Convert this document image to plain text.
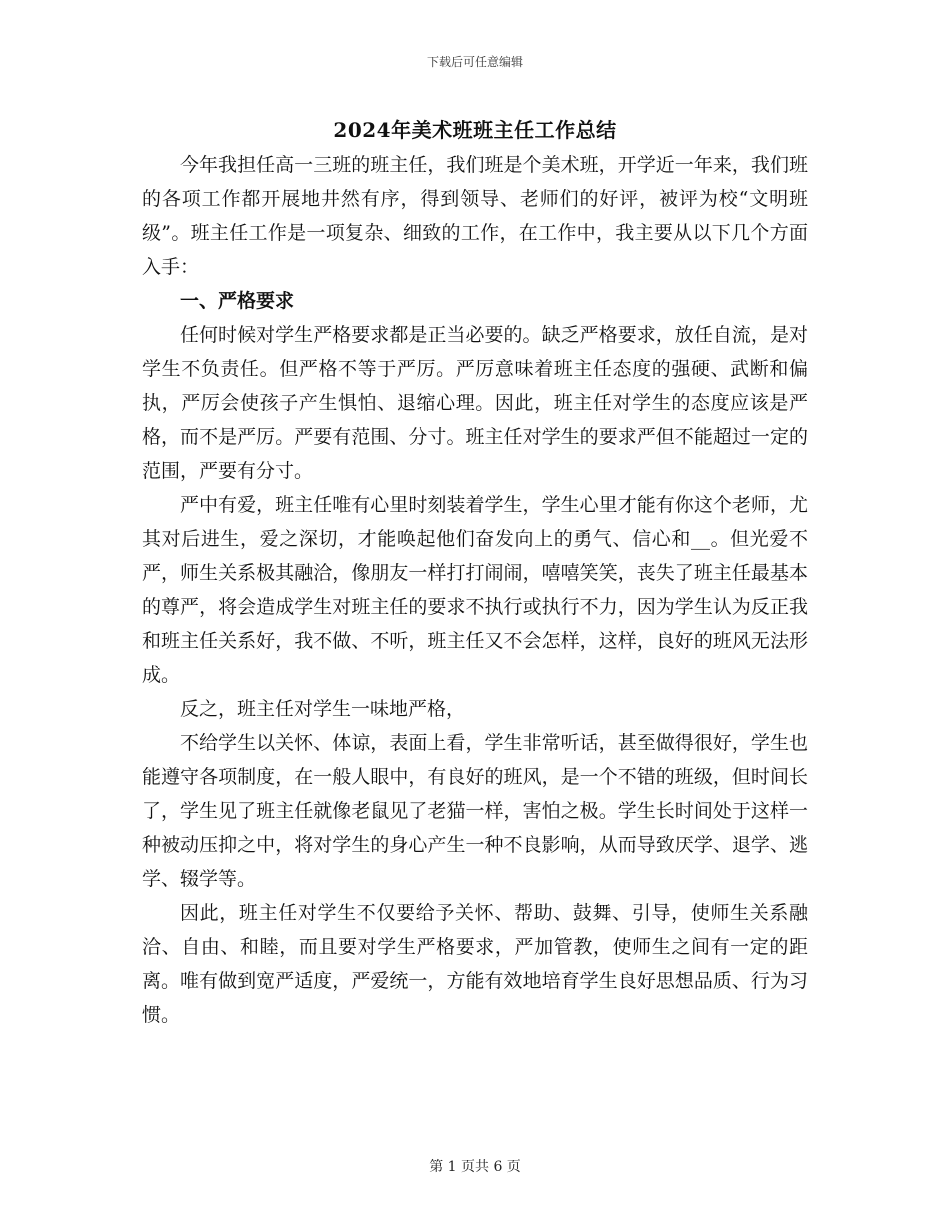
下载后可任意编辑
2024年美术班班主任工作总结

今年我担任高一三班的班主任，我们班是个美术班，开学近一年来，我们班的各项工作都开展地井然有序，得到领导、老师们的好评，被评为校“文明班级”。班主任工作是一项复杂、细致的工作，在工作中，我主要从以下几个方面入手：

一、严格要求

任何时候对学生严格要求都是正当必要的。缺乏严格要求，放任自流，是对学生不负责任。但严格不等于严厉。严厉意味着班主任态度的强硬、武断和偏执，严厉会使孩子产生惧怕、退缩心理。因此，班主任对学生的态度应该是严格，而不是严厉。严要有范围、分寸。班主任对学生的要求严但不能超过一定的范围，严要有分寸。

严中有爱，班主任唯有心里时刻装着学生，学生心里才能有你这个老师，尤其对后进生，爱之深切，才能唤起他们奋发向上的勇气、信心和__。但光爱不严，师生关系极其融洽，像朋友一样打打闹闹，嘻嘻笑笑，丧失了班主任最基本的尊严，将会造成学生对班主任的要求不执行或执行不力，因为学生认为反正我和班主任关系好，我不做、不听，班主任又不会怎样，这样，良好的班风无法形成。

反之，班主任对学生一味地严格，

不给学生以关怀、体谅，表面上看，学生非常听话，甚至做得很好，学生也能遵守各项制度，在一般人眼中，有良好的班风，是一个不错的班级，但时间长了，学生见了班主任就像老鼠见了老猫一样，害怕之极。学生长时间处于这样一种被动压抑之中，将对学生的身心产生一种不良影响，从而导致厌学、退学、逃学、辍学等。

因此，班主任对学生不仅要给予关怀、帮助、鼓舞、引导，使师生关系融洽、自由、和睦，而且要对学生严格要求，严加管教，使师生之间有一定的距离。唯有做到宽严适度，严爱统一，方能有效地培育学生良好思想品质、行为习惯。

第 1 页共 6 页
